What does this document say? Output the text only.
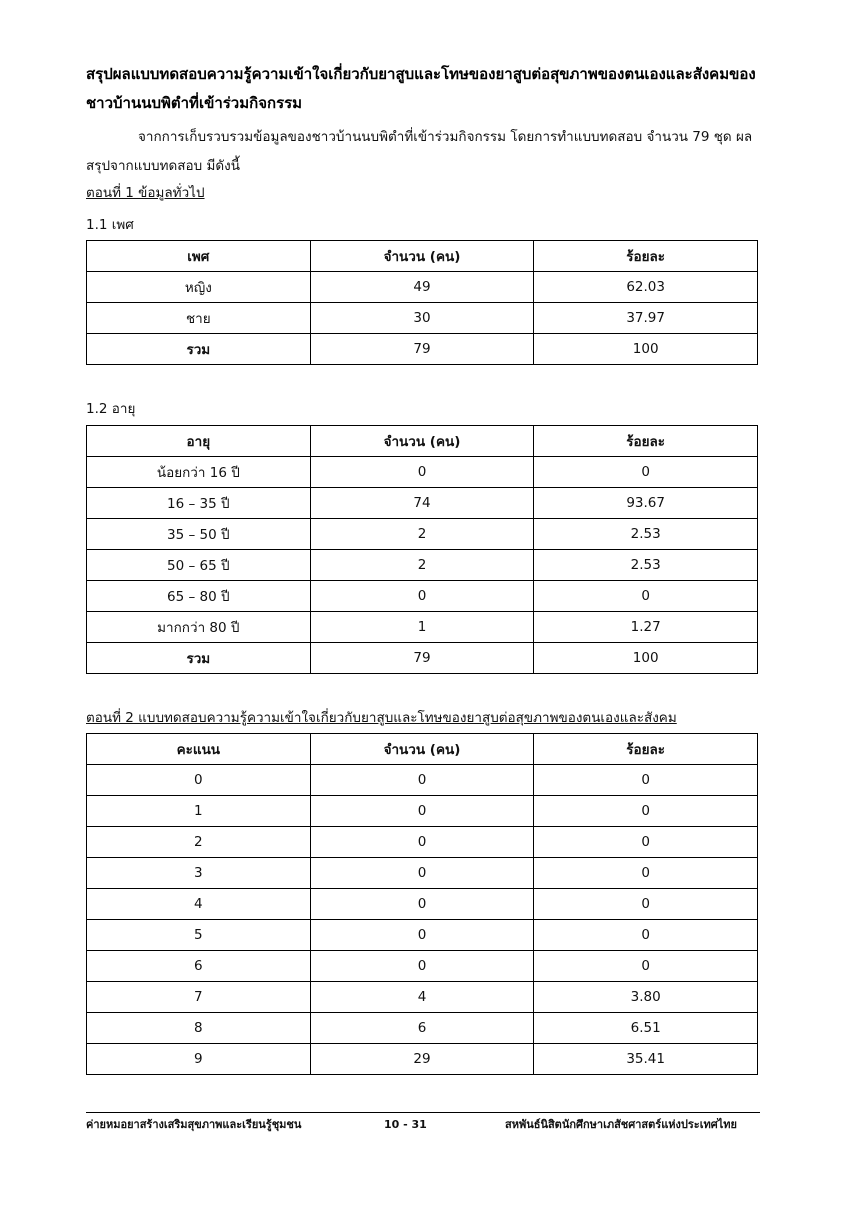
สรุปผลแบบทดสอบความรู้ความเข้าใจเกี่ยวกับยาสูบและโทษของยาสูบต่อสุขภาพของตนเองและสังคมของชาวบ้านนบพิตำที่เข้าร่วมกิจกรรม
จากการเก็บรวบรวมข้อมูลของชาวบ้านนบพิตำที่เข้าร่วมกิจกรรม โดยการทำแบบทดสอบ จำนวน 79 ชุด ผลสรุปจากแบบทดสอบ มีดังนี้
ตอนที่ 1 ข้อมูลทั่วไป
1.1 เพศ
เพศ	จำนวน (คน)	ร้อยละ
หญิง	49	62.03
ชาย	30	37.97
รวม	79	100
1.2 อายุ
อายุ	จำนวน (คน)	ร้อยละ
น้อยกว่า 16 ปี	0	0
16 – 35 ปี	74	93.67
35 – 50 ปี	2	2.53
50 – 65 ปี	2	2.53
65 – 80 ปี	0	0
มากกว่า 80 ปี	1	1.27
รวม	79	100
ตอนที่ 2 แบบทดสอบความรู้ความเข้าใจเกี่ยวกับยาสูบและโทษของยาสูบต่อสุขภาพของตนเองและสังคม
คะแนน	จำนวน (คน)	ร้อยละ
0	0	0
1	0	0
2	0	0
3	0	0
4	0	0
5	0	0
6	0	0
7	4	3.80
8	6	6.51
9	29	35.41
ค่ายหมอยาสร้างเสริมสุขภาพและเรียนรู้ชุมชน	10 - 31	สหพันธ์นิสิตนักศึกษาเภสัชศาสตร์แห่งประเทศไทย
